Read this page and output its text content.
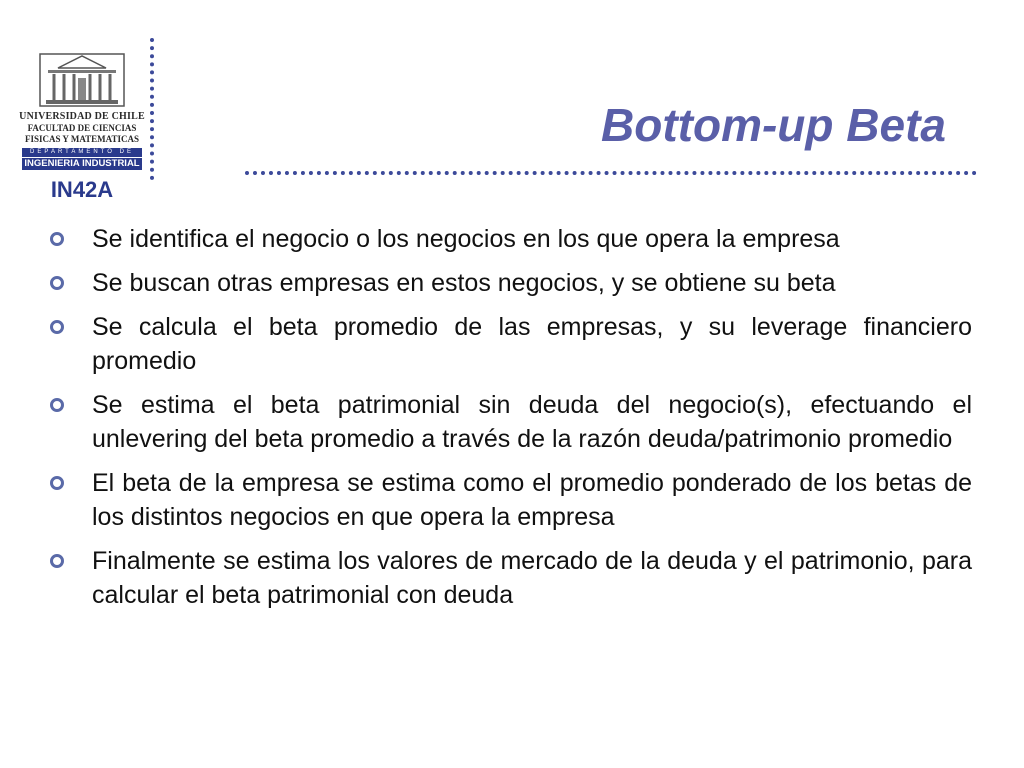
UNIVERSIDAD DE CHILE
FACULTAD DE CIENCIAS
FISICAS Y MATEMATICAS
DEPARTAMENTO DE
INGENIERIA INDUSTRIAL
IN42A
Bottom-up Beta
Se identifica el negocio o los negocios en los que opera la empresa
Se buscan otras empresas en estos negocios, y se obtiene su beta
Se calcula el beta promedio de las empresas, y su leverage financiero promedio
Se estima el beta patrimonial sin deuda del negocio(s), efectuando el unlevering del beta promedio a través de la razón deuda/patrimonio promedio
El beta de la empresa se estima como el promedio ponderado de los betas de los distintos negocios en que opera la empresa
Finalmente se estima los valores de mercado de la deuda y el patrimonio, para calcular el beta patrimonial con deuda
